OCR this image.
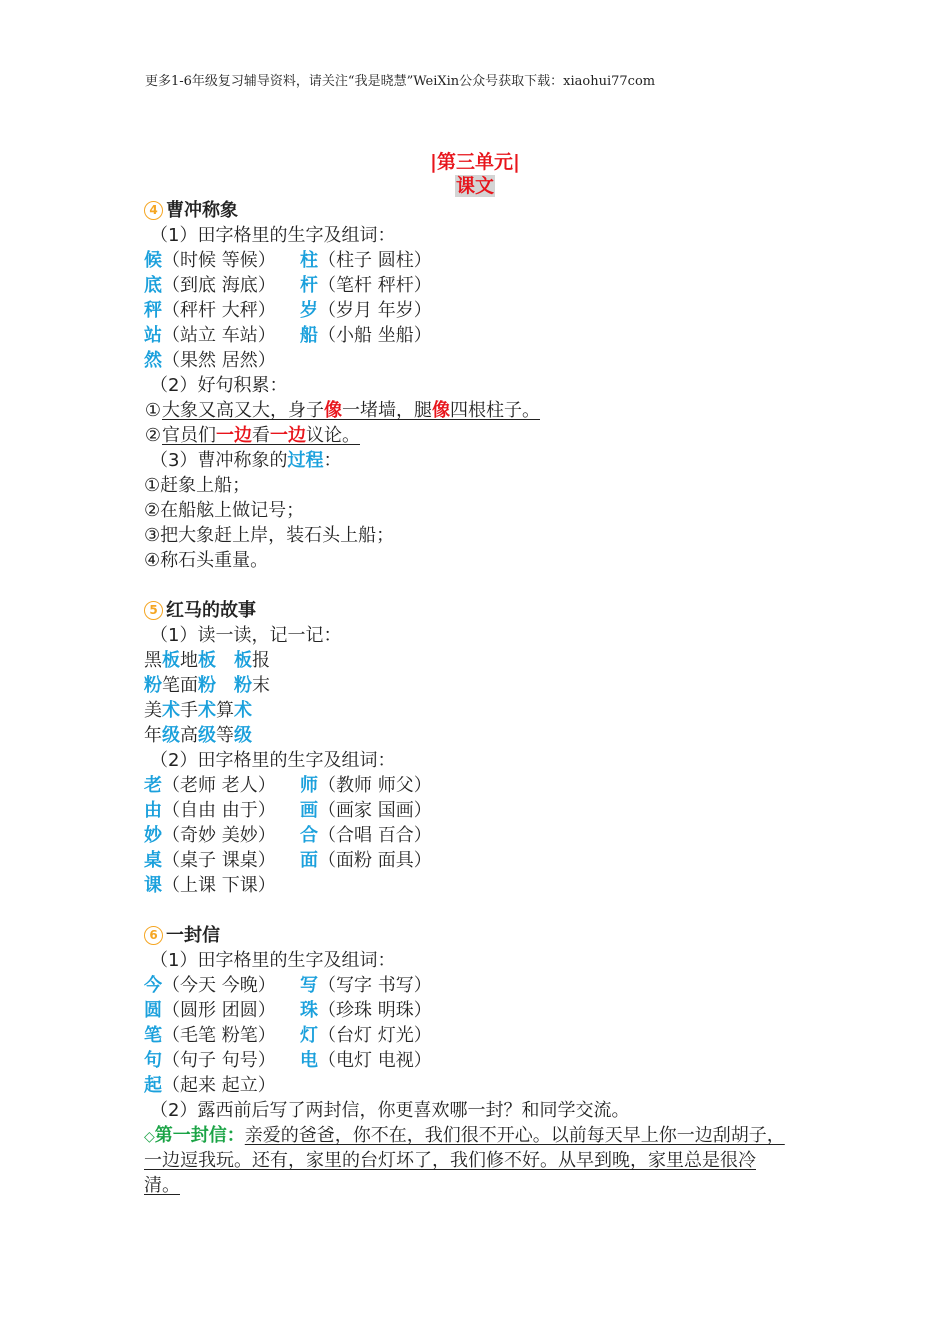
更多1-6年级复习辅导资料，请关注“我是晓慧”WeiXin公众号获取下载：xiaohui77com
|第三单元|
课文
4 曹冲称象
（1）田字格里的生字及组词：
候（时候 等候） 柱（柱子 圆柱）
底（到底 海底） 杆（笔杆 秤杆）
秤（秤杆 大秤） 岁（岁月 年岁）
站（站立 车站） 船（小船 坐船）
然（果然 居然）
（2）好句积累：
①大象又高又大，身子像一堵墙，腿像四根柱子。
②官员们一边看一边议论。
（3）曹冲称象的过程：
①赶象上船；
②在船舷上做记号；
③把大象赶上岸，装石头上船；
④称石头重量。
5 红马的故事
（1）读一读，记一记：
黑板地板 板报
粉笔面粉 粉末
美术手术算术
年级高级等级
（2）田字格里的生字及组词：
老（老师 老人） 师（教师 师父）
由（自由 由于） 画（画家 国画）
妙（奇妙 美妙） 合（合唱 百合）
桌（桌子 课桌） 面（面粉 面具）
课（上课 下课）
6 一封信
（1）田字格里的生字及组词：
今（今天 今晚） 写（写字 书写）
圆（圆形 团圆） 珠（珍珠 明珠）
笔（毛笔 粉笔） 灯（台灯 灯光）
句（句子 句号） 电（电灯 电视）
起（起来 起立）
（2）露西前后写了两封信，你更喜欢哪一封？和同学交流。
◇第一封信：亲爱的爸爸，你不在，我们很不开心。以前每天早上你一边刮胡子，
一边逗我玩。还有，家里的台灯坏了，我们修不好。从早到晚，家里总是很冷
清。
